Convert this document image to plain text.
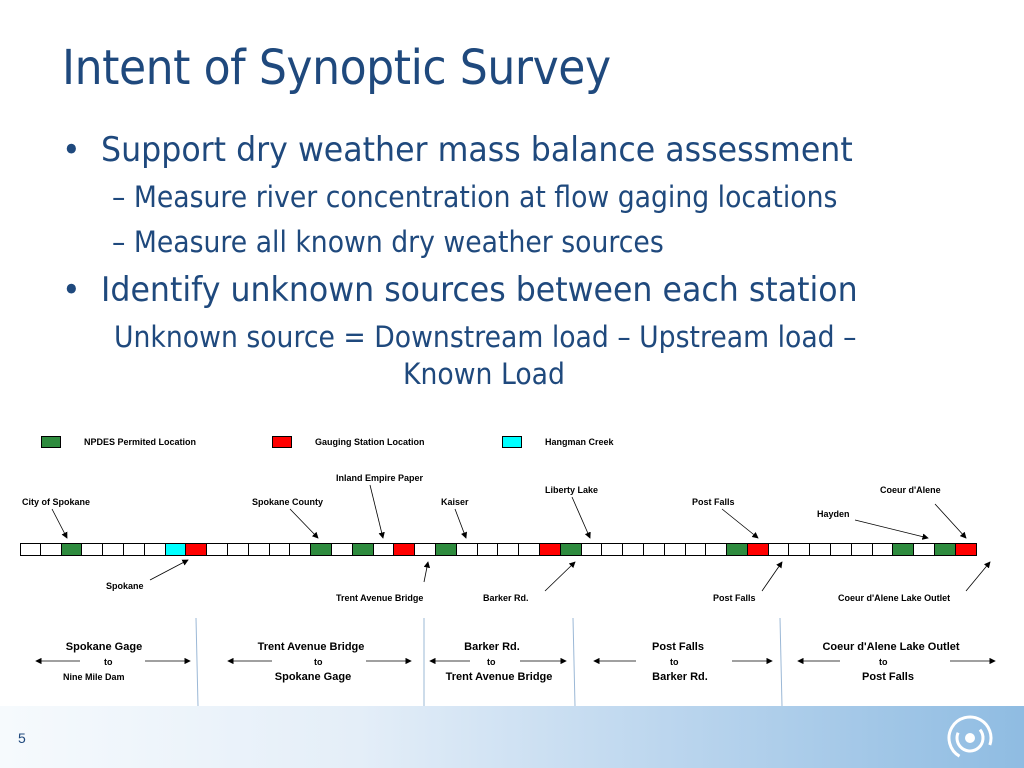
Intent of Synoptic Survey
• Support dry weather mass balance assessment
– Measure river concentration at flow gaging locations
– Measure all known dry weather sources
• Identify unknown sources between each station
Unknown source = Downstream load – Upstream load –
Known Load
NPDES Permited Location	Gauging Station Location	Hangman Creek
Inland Empire Paper
City of Spokane	Spokane County	Kaiser
Liberty Lake
Post Falls
Coeur d'Alene
Hayden
Spokane
Trent Avenue Bridge	Barker Rd.	Post Falls	Coeur d'Alene Lake Outlet
Spokane Gage
to
Nine Mile Dam
Trent Avenue Bridge
to
Spokane Gage
Barker Rd.
to
Trent Avenue Bridge
Post Falls
to
Barker Rd.
Coeur d'Alene Lake Outlet
to
Post Falls
5
